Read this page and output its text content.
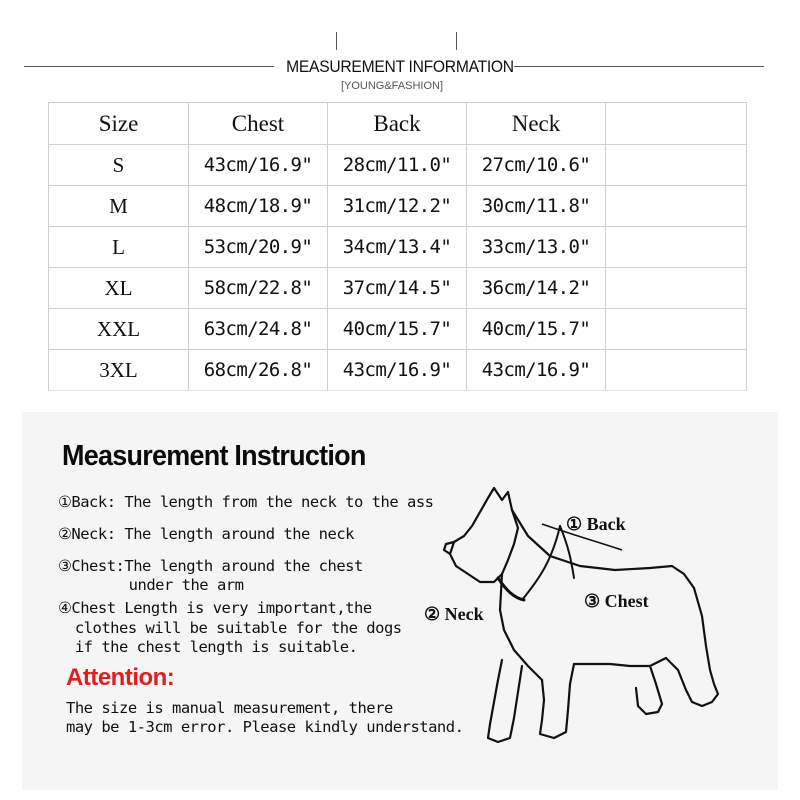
MEASUREMENT INFORMATION
[YOUNG&FASHION]
Size	Chest	Back	Neck	
S	43cm/16.9"	28cm/11.0"	27cm/10.6"	
M	48cm/18.9"	31cm/12.2"	30cm/11.8"	
L	53cm/20.9"	34cm/13.4"	33cm/13.0"	
XL	58cm/22.8"	37cm/14.5"	36cm/14.2"	
XXL	63cm/24.8"	40cm/15.7"	40cm/15.7"	
3XL	68cm/26.8"	43cm/16.9"	43cm/16.9"	
Measurement Instruction
①Back: The length from the neck to the ass
②Neck: The length around the neck
③Chest:The length around the chest
under the arm
④Chest Length is very important,the
clothes will be suitable for the dogs
if the chest length is suitable.
Attention:
The size is manual measurement, there
may be 1-3cm error. Please kindly understand.
① Back
③ Chest
② Neck
